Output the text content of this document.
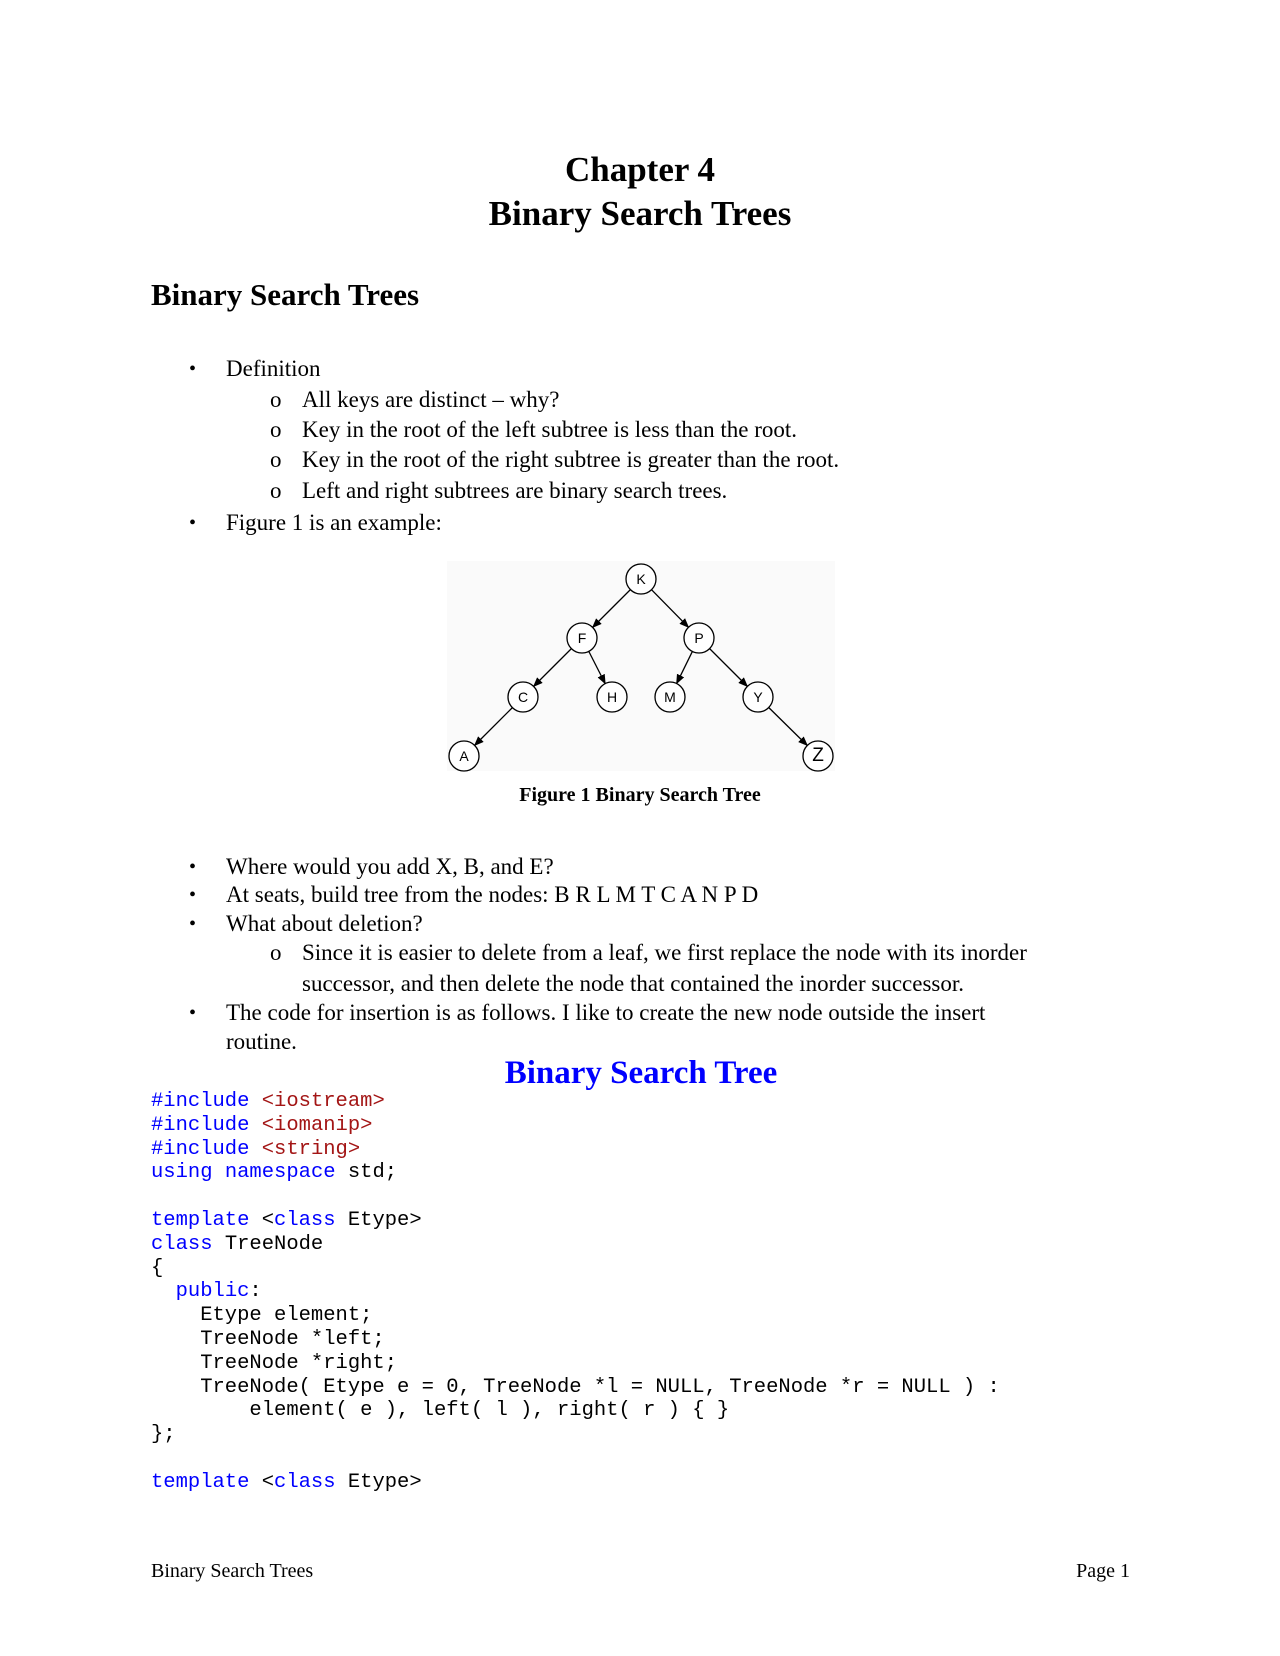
Chapter 4
Binary Search Trees
Binary Search Trees
• Definition
o All keys are distinct – why?
o Key in the root of the left subtree is less than the root.
o Key in the root of the right subtree is greater than the root.
o Left and right subtrees are binary search trees.
• Figure 1 is an example:
K
F	P
C	H	M	Y
A	Z
Figure 1 Binary Search Tree
• Where would you add X, B, and E?
• At seats, build tree from the nodes: B R L M T C A N P D
• What about deletion?
o Since it is easier to delete from a leaf, we first replace the node with its inorder
successor, and then delete the node that contained the inorder successor.
• The code for insertion is as follows. I like to create the new node outside the insert
routine.
Binary Search Tree
#include <iostream>
#include <iomanip>
#include <string>
using namespace std;

template <class Etype>
class TreeNode
{
public:
Etype element;
TreeNode *left;
TreeNode *right;
TreeNode( Etype e = 0, TreeNode *l = NULL, TreeNode *r = NULL ) :
element( e ), left( l ), right( r ) { }
};

template <class Etype>
Binary Search Trees	Page 1
